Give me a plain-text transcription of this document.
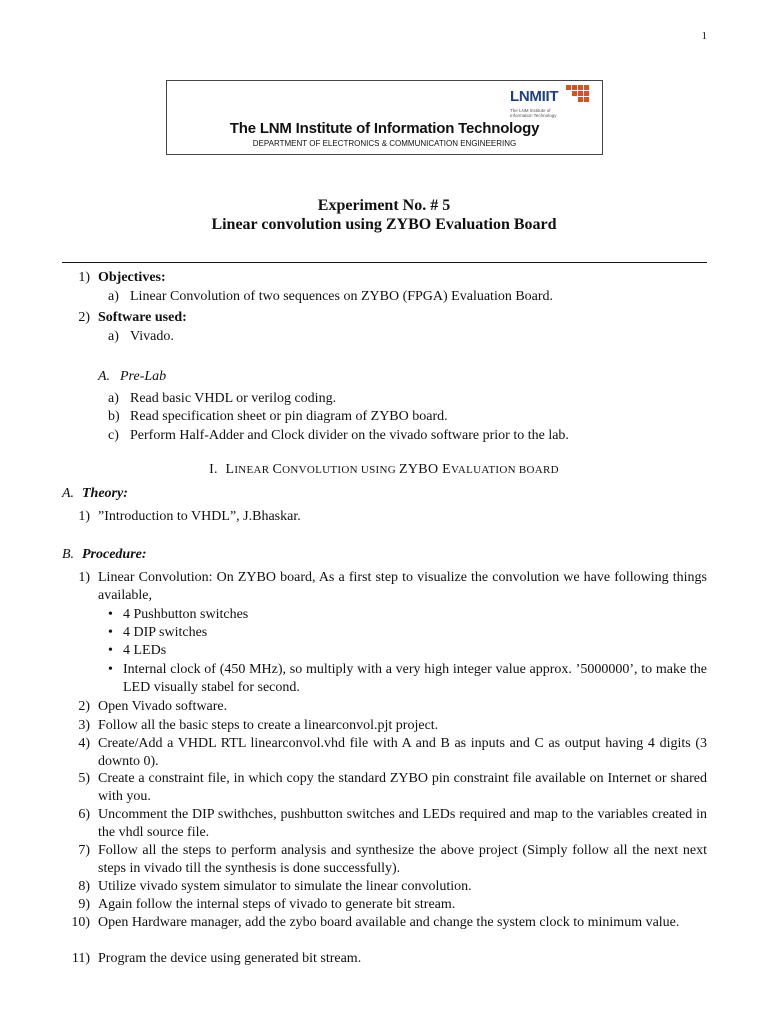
1
LNMIIT
The LNM Institute of Information Technology
The LNM Institute of Information Technology
DEPARTMENT OF ELECTRONICS & COMMUNICATION ENGINEERING
Experiment No. # 5
Linear convolution using ZYBO Evaluation Board
1) Objectives:
a) Linear Convolution of two sequences on ZYBO (FPGA) Evaluation Board.
2) Software used:
a) Vivado.
A. Pre-Lab
a) Read basic VHDL or verilog coding.
b) Read specification sheet or pin diagram of ZYBO board.
c) Perform Half-Adder and Clock divider on the vivado software prior to the lab.
I. LINEAR CONVOLUTION USING ZYBO EVALUATION BOARD
A. Theory:
1) ”Introduction to VHDL”, J.Bhaskar.
B. Procedure:
1) Linear Convolution: On ZYBO board, As a first step to visualize the convolution we have following things available,
• 4 Pushbutton switches
• 4 DIP switches
• 4 LEDs
• Internal clock of (450 MHz), so multiply with a very high integer value approx. ’5000000’, to make the LED visually stabel for second.
2) Open Vivado software.
3) Follow all the basic steps to create a linearconvol.pjt project.
4) Create/Add a VHDL RTL linearconvol.vhd file with A and B as inputs and C as output having 4 digits (3 downto 0).
5) Create a constraint file, in which copy the standard ZYBO pin constraint file available on Internet or shared with you.
6) Uncomment the DIP swithches, pushbutton switches and LEDs required and map to the variables created in the vhdl source file.
7) Follow all the steps to perform analysis and synthesize the above project (Simply follow all the next next steps in vivado till the synthesis is done successfully).
8) Utilize vivado system simulator to simulate the linear convolution.
9) Again follow the internal steps of vivado to generate bit stream.
10) Open Hardware manager, add the zybo board available and change the system clock to minimum value.
11) Program the device using generated bit stream.
